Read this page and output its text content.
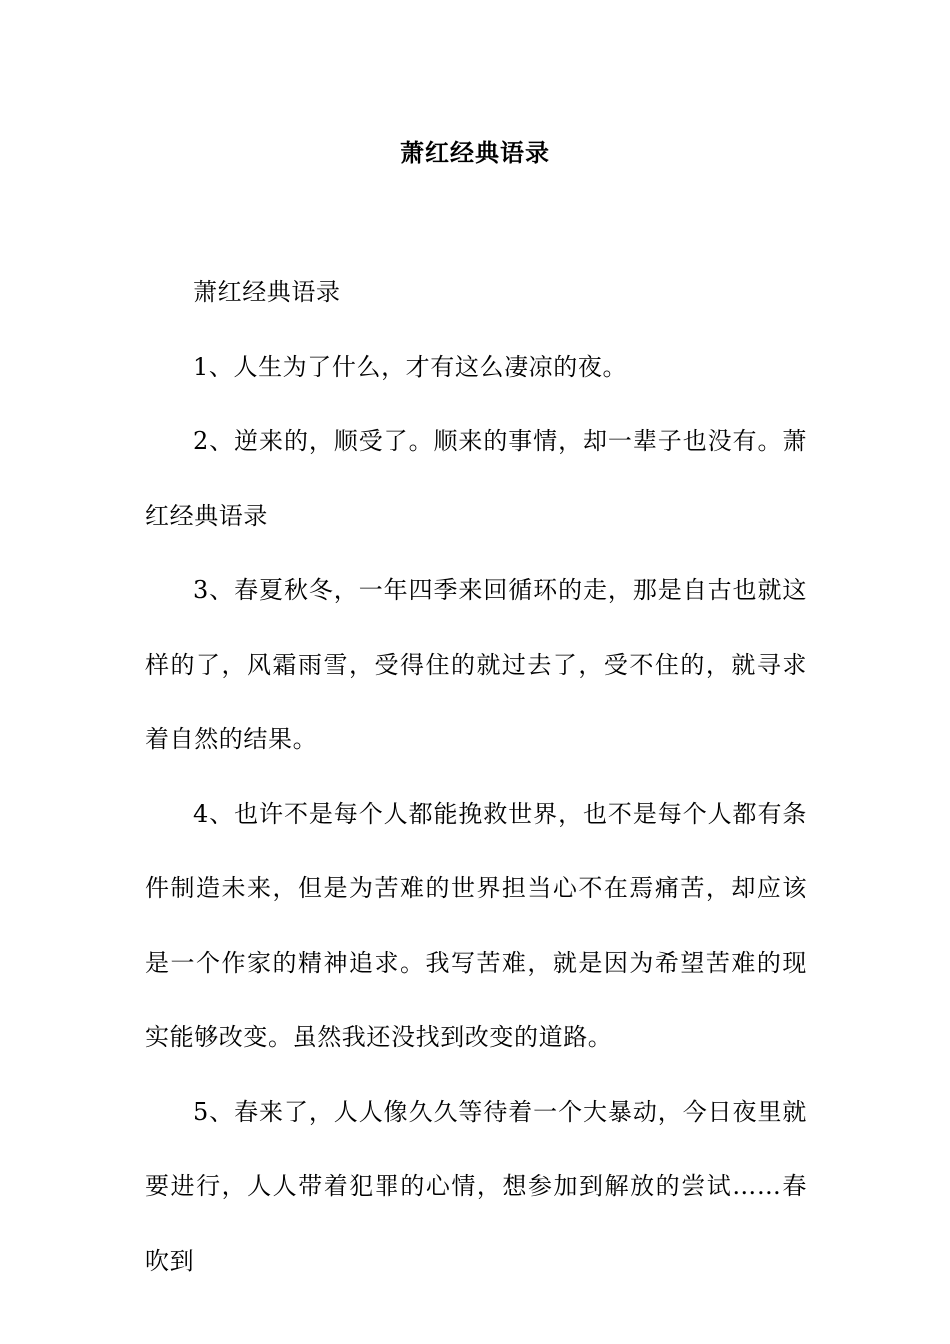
萧红经典语录

萧红经典语录

1、人生为了什么，才有这么凄凉的夜。

2、逆来的，顺受了。顺来的事情，却一辈子也没有。萧红经典语录

3、春夏秋冬，一年四季来回循环的走，那是自古也就这样的了，风霜雨雪，受得住的就过去了，受不住的，就寻求着自然的结果。

4、也许不是每个人都能挽救世界，也不是每个人都有条件制造未来，但是为苦难的世界担当心不在焉痛苦，却应该是一个作家的精神追求。我写苦难，就是因为希望苦难的现实能够改变。虽然我还没找到改变的道路。

5、春来了，人人像久久等待着一个大暴动，今日夜里就要进行，人人带着犯罪的心情，想参加到解放的尝试……春吹到
